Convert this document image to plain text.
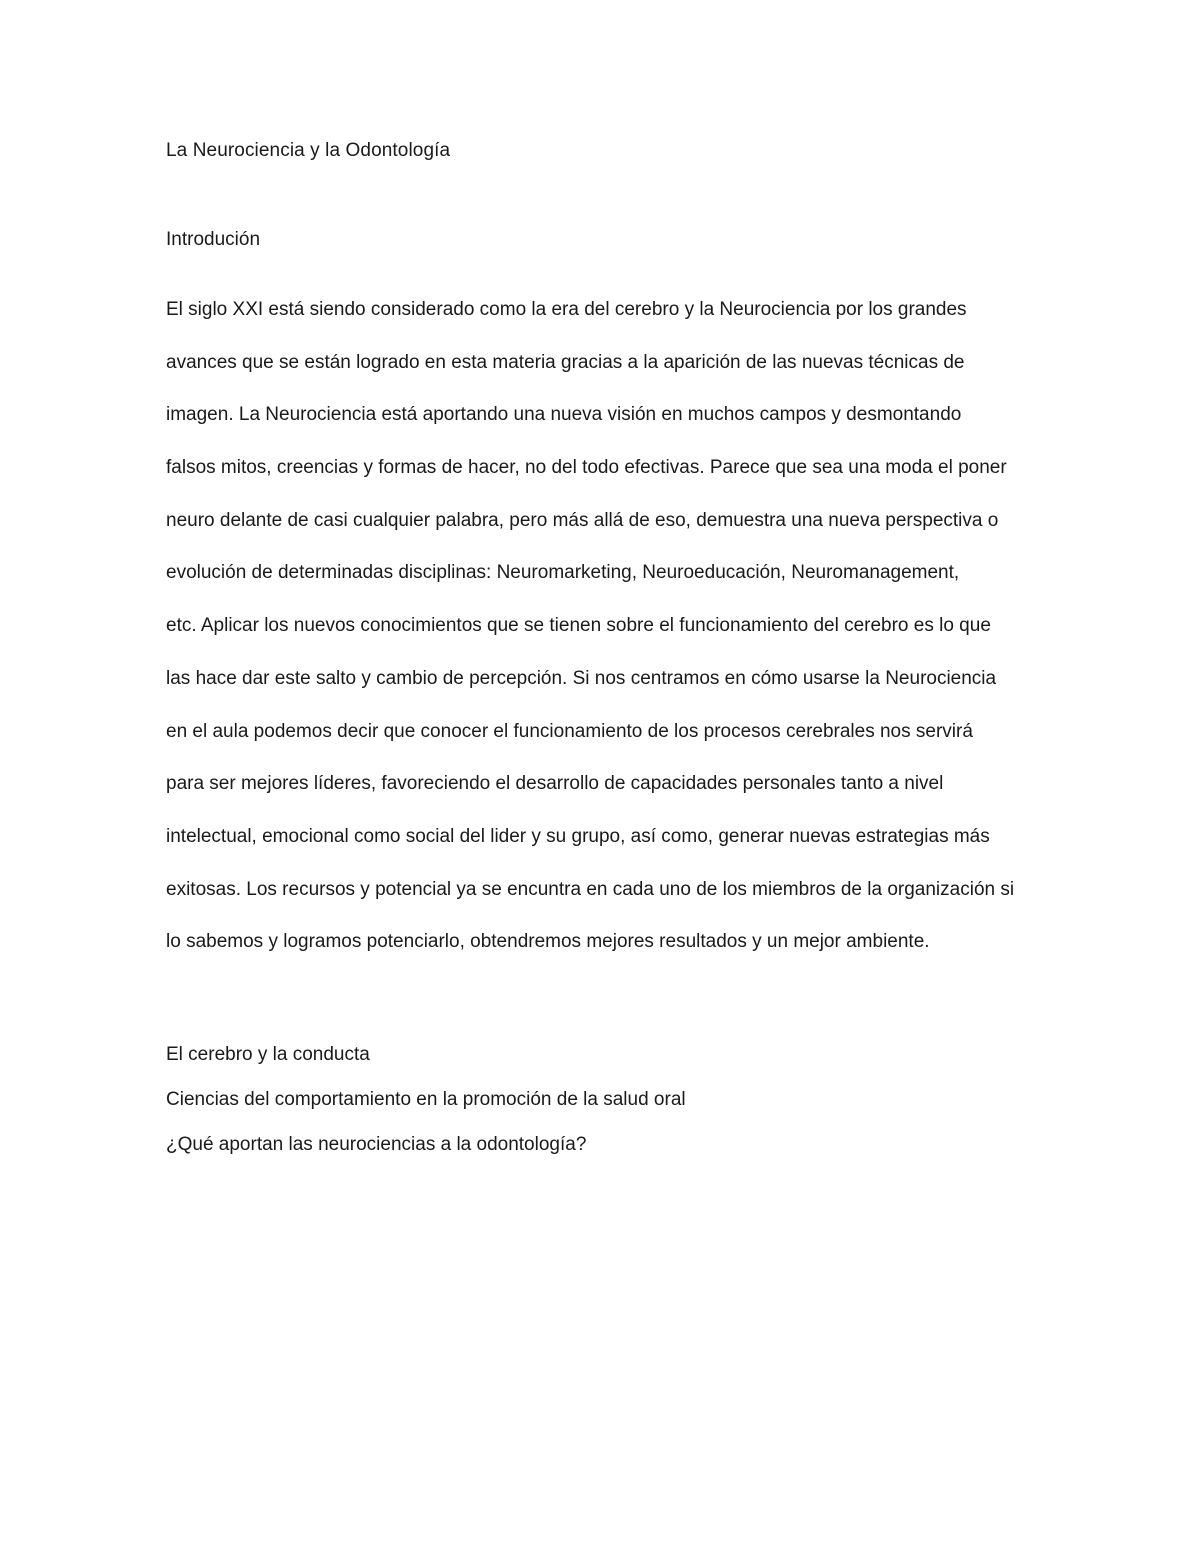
La Neurociencia y la Odontología
Introdución
El siglo XXI está siendo considerado como la era del cerebro y la Neurociencia por los grandes
avances que se están logrado en esta materia gracias a la aparición de las nuevas técnicas de
imagen. La Neurociencia está aportando una nueva visión en muchos campos y desmontando
falsos mitos, creencias y formas de hacer, no del todo efectivas. Parece que sea una moda el poner
neuro delante de casi cualquier palabra, pero más allá de eso, demuestra una nueva perspectiva o
evolución de determinadas disciplinas: Neuromarketing, Neuroeducación, Neuromanagement,
etc. Aplicar los nuevos conocimientos que se tienen sobre el funcionamiento del cerebro es lo que
las hace dar este salto y cambio de percepción. Si nos centramos en cómo usarse la Neurociencia
en el aula podemos decir que conocer el funcionamiento de los procesos cerebrales nos servirá
para ser mejores líderes, favoreciendo el desarrollo de capacidades personales tanto a nivel
intelectual, emocional como social del lider y su grupo, así como, generar nuevas estrategias más
exitosas. Los recursos y potencial ya se encuntra en cada uno de los miembros de la organización si
lo sabemos y logramos potenciarlo, obtendremos mejores resultados y un mejor ambiente.
El cerebro y la conducta
Ciencias del comportamiento en la promoción de la salud oral
¿Qué aportan las neurociencias a la odontología?
